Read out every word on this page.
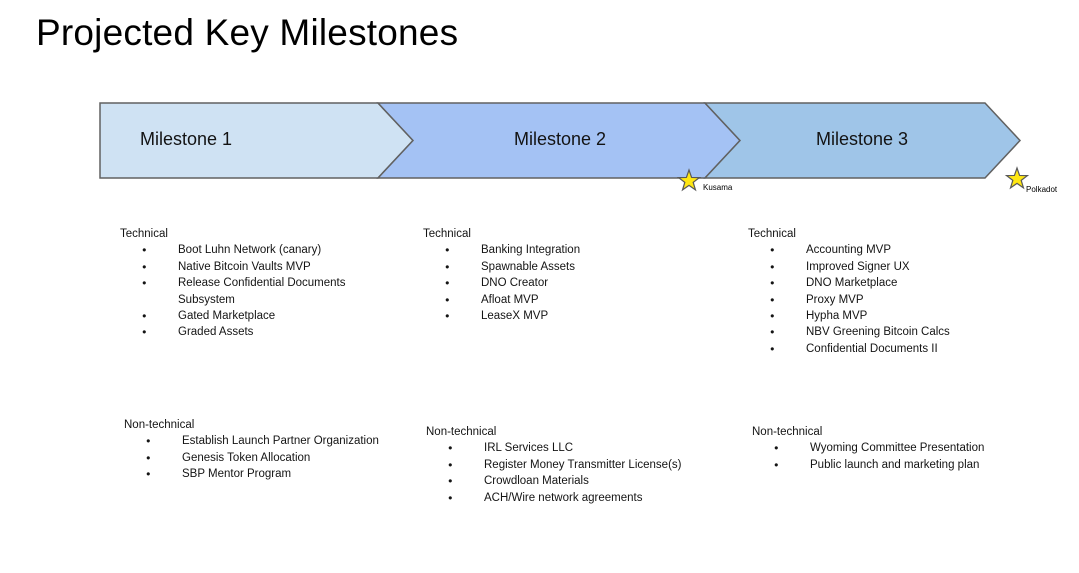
Projected Key Milestones
Milestone 1	Milestone 2	Milestone 3
Kusama	Polkadot
Technical
●	Boot Luhn Network (canary)
●	Native Bitcoin Vaults MVP
●	Release Confidential Documents Subsystem
●	Gated Marketplace
●	Graded Assets
Technical
●	Banking Integration
●	Spawnable Assets
●	DNO Creator
●	Afloat MVP
●	LeaseX MVP
Technical
●	Accounting MVP
●	Improved Signer UX
●	DNO Marketplace
●	Proxy MVP
●	Hypha MVP
●	NBV Greening Bitcoin Calcs
●	Confidential Documents II
Non-technical
●	Establish Launch Partner Organization
●	Genesis Token Allocation
●	SBP Mentor Program
Non-technical
●	IRL Services LLC
●	Register Money Transmitter License(s)
●	Crowdloan Materials
●	ACH/Wire network agreements
Non-technical
●	Wyoming Committee Presentation
●	Public launch and marketing plan
